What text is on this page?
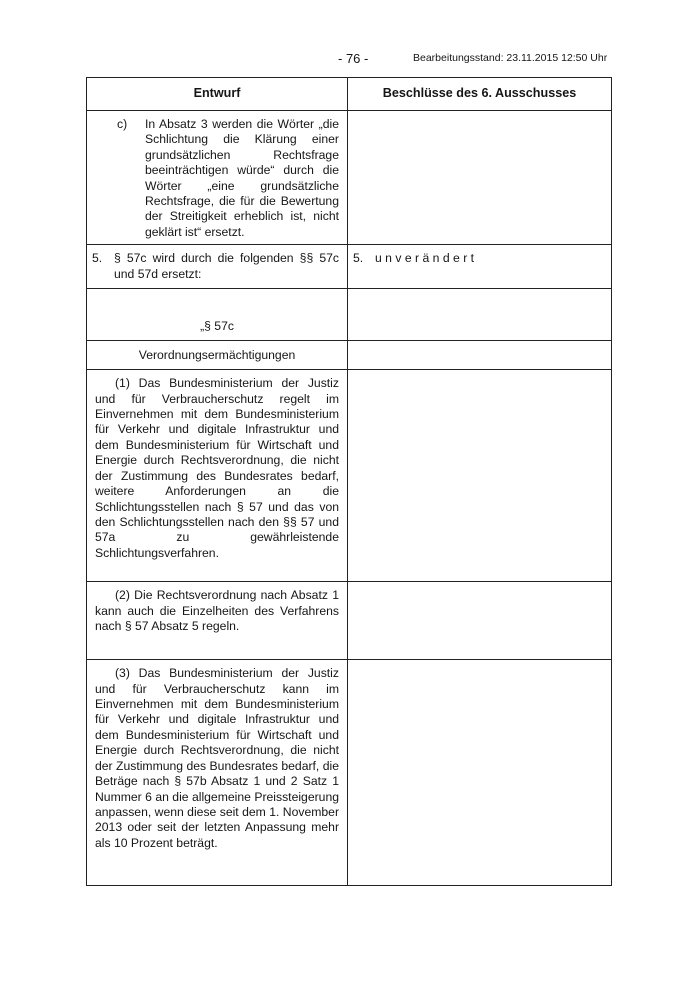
- 76 -	Bearbeitungsstand: 23.11.2015 12:50 Uhr
Entwurf	Beschlüsse des 6. Ausschusses

c) In Absatz 3 werden die Wörter „die Schlichtung die Klärung einer grundsätzlichen Rechtsfrage beeinträchtigen würde“ durch die Wörter „eine grundsätzliche Rechtsfrage, die für die Bewertung der Streitigkeit erheblich ist, nicht geklärt ist“ ersetzt.	

5. § 57c wird durch die folgenden §§ 57c und 57d ersetzt:	5. unverändert

„§ 57c	

Verordnungsermächtigungen	

(1) Das Bundesministerium der Justiz und für Verbraucherschutz regelt im Einvernehmen mit dem Bundesministerium für Verkehr und digitale Infrastruktur und dem Bundesministerium für Wirtschaft und Energie durch Rechtsverordnung, die nicht der Zustimmung des Bundesrates bedarf, weitere Anforderungen an die Schlichtungsstellen nach § 57 und das von den Schlichtungsstellen nach den §§ 57 und 57a zu gewährleistende Schlichtungsverfahren.	

(2) Die Rechtsverordnung nach Absatz 1 kann auch die Einzelheiten des Verfahrens nach § 57 Absatz 5 regeln.	

(3) Das Bundesministerium der Justiz und für Verbraucherschutz kann im Einvernehmen mit dem Bundesministerium für Verkehr und digitale Infrastruktur und dem Bundesministerium für Wirtschaft und Energie durch Rechtsverordnung, die nicht der Zustimmung des Bundesrates bedarf, die Beträge nach § 57b Absatz 1 und 2 Satz 1 Nummer 6 an die allgemeine Preissteigerung anpassen, wenn diese seit dem 1. November 2013 oder seit der letzten Anpassung mehr als 10 Prozent beträgt.	
